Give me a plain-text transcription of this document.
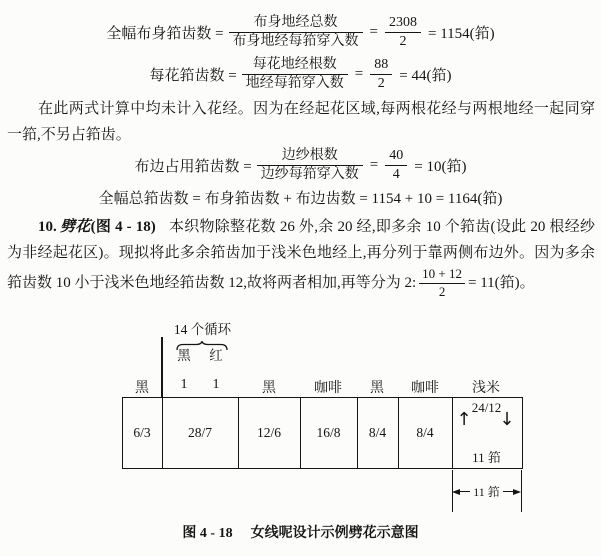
全幅布身筘齿数 = $\frac{\text{布身地经总数}}{\text{布身地经每筘穿入数}} = \frac{2308}{2} = 1154$(筘)
每花筘齿数 = $\frac{\text{每花地经根数}}{\text{地经每筘穿入数}} = \frac{88}{2} = 44$(筘)

在此两式计算中均未计入花经。因为在经起花区域,每两根花经与两根地经一起同穿一筘,不另占筘齿。

布边占用筘齿数 = $\frac{\text{边纱根数}}{\text{边纱每筘穿入数}} = \frac{40}{4} = 10$(筘)
全幅总筘齿数 = 布身筘齿数 + 布边齿数 = 1154 + 10 = 1164(筘)

10. 劈花(图 4 - 18) 本织物除整花数 26 外,余 20 经,即多余 10 个筘齿(设此 20 根经纱为非经起花区)。现拟将此多余筘齿加于浅米色地经上,再分列于靠两侧布边外。因为多余筘齿数 10 小于浅米色地经筘齿数 12,故将两者相加,再等分为 2: $\frac{10 + 12}{2} = 11$(筘)。

14 个循环
黑	红
黑	1	1	黑	咖啡	黑	咖啡	浅米
6/3	28/7	12/6	16/8	8/4	8/4
24/12
↑ ↓
11 筘
11 筘
图 4 - 18 女线呢设计示例劈花示意图
